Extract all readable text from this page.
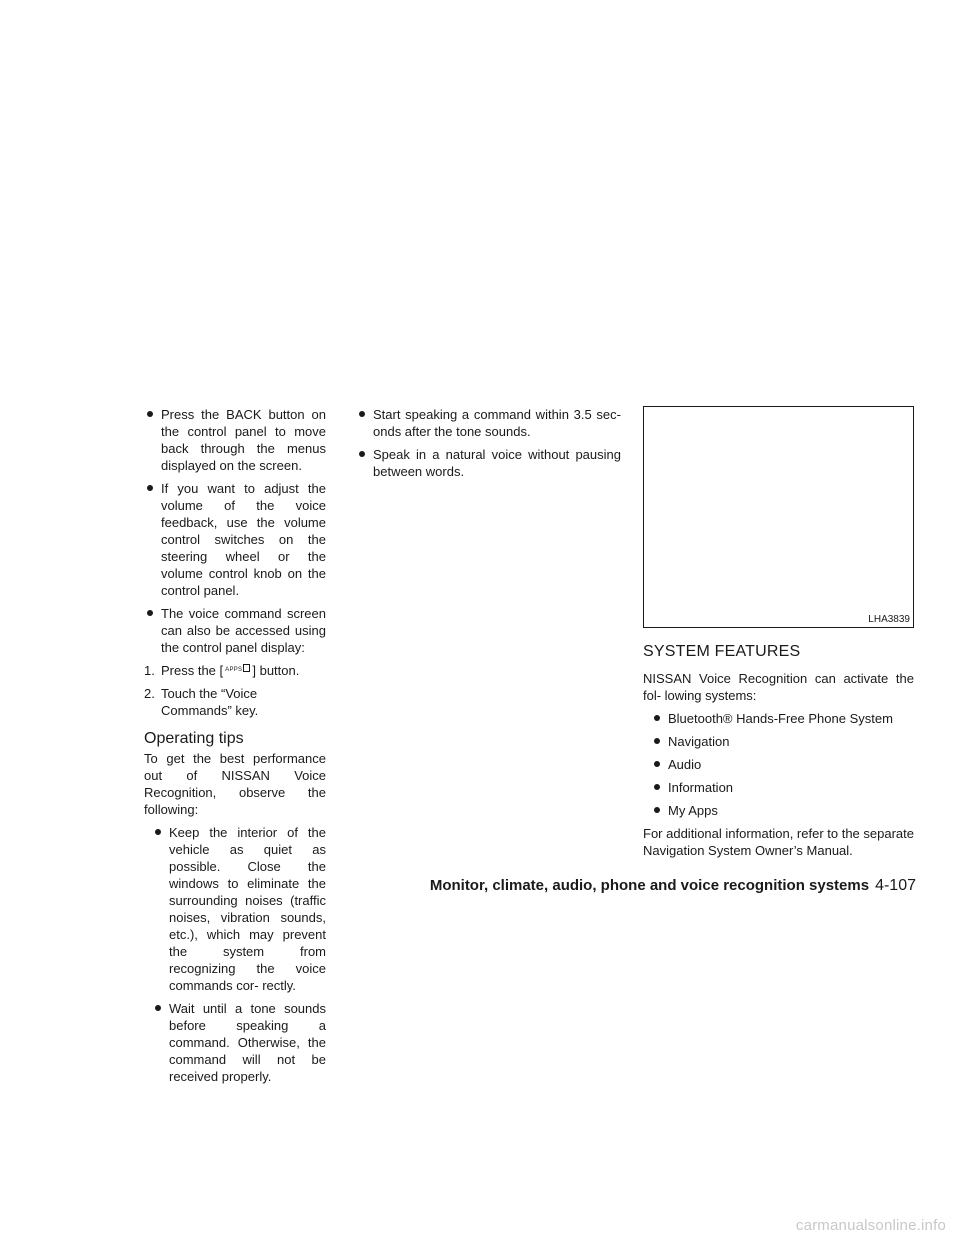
Press the BACK button on the control panel to move back through the menus displayed on the screen.
If you want to adjust the volume of the voice feedback, use the volume control switches on the steering wheel or the volume control knob on the control panel.
The voice command screen can also be accessed using the control panel display:
1. Press the [ APPS ] button.
2. Touch the “Voice Commands” key.
Operating tips

To get the best performance out of NISSAN Voice Recognition, observe the following:

Keep the interior of the vehicle as quiet as possible. Close the windows to eliminate the surrounding noises (traffic noises, vibration sounds, etc.), which may prevent the system from recognizing the voice commands cor- rectly.
Wait until a tone sounds before speaking a command. Otherwise, the command will not be received properly.
Start speaking a command within 3.5 sec- onds after the tone sounds.
Speak in a natural voice without pausing between words.
LHA3839
SYSTEM FEATURES

NISSAN Voice Recognition can activate the fol- lowing systems:

Bluetooth® Hands-Free Phone System
Navigation
Audio
Information
My Apps

For additional information, refer to the separate Navigation System Owner’s Manual.

Monitor, climate, audio, phone and voice recognition systems 4-107
carmanualsonline.info
